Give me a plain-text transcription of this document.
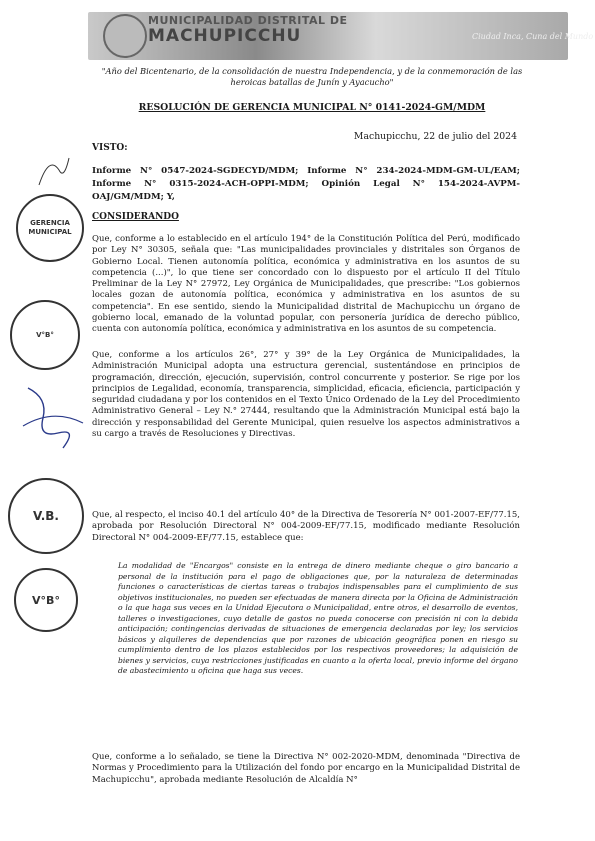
MUNICIPALIDAD DISTRITAL DE
MACHUPICCHU	Ciudad Inca, Cuna del Mundo
"Año del Bicentenario, de la consolidación de nuestra Independencia, y de la conmemoración de las heroicas batallas de Junín y Ayacucho"
RESOLUCIÓN DE GERENCIA MUNICIPAL N° 0141-2024-GM/MDM
Machupicchu, 22 de julio del 2024
VISTO:
Informe N° 0547-2024-SGDECYD/MDM; Informe N° 234-2024-MDM-GM-UL/EAM; Informe N° 0315-2024-ACH-OPPI-MDM; Opinión Legal N° 154-2024-AVPM-OAJ/GM/MDM; Y,
CONSIDERANDO
Que, conforme a lo establecido en el artículo 194° de la Constitución Política del Perú, modificado por Ley N° 30305, señala que: "Las municipalidades provinciales y distritales son Órganos de Gobierno Local. Tienen autonomía política, económica y administrativa en los asuntos de su competencia (...)", lo que tiene ser concordado con lo dispuesto por el artículo II del Título Preliminar de la Ley N° 27972, Ley Orgánica de Municipalidades, que prescribe: "Los gobiernos locales gozan de autonomía política, económica y administrativa en los asuntos de su competencia". En ese sentido, siendo la Municipalidad distrital de Machupicchu un órgano de gobierno local, emanado de la voluntad popular, con personería jurídica de derecho público, cuenta con autonomía política, económica y administrativa en los asuntos de su competencia.
Que, conforme a los artículos 26°, 27° y 39° de la Ley Orgánica de Municipalidades, la Administración Municipal adopta una estructura gerencial, sustentándose en principios de programación, dirección, ejecución, supervisión, control concurrente y posterior. Se rige por los principios de Legalidad, economía, transparencia, simplicidad, eficacia, eficiencia, participación y seguridad ciudadana y por los contenidos en el Texto Único Ordenado de la Ley del Procedimiento Administrativo General – Ley N.° 27444, resultando que la Administración Municipal está bajo la dirección y responsabilidad del Gerente Municipal, quien resuelve los aspectos administrativos a su cargo a través de Resoluciones y Directivas.
Que, al respecto, el inciso 40.1 del artículo 40° de la Directiva de Tesorería N° 001-2007-EF/77.15, aprobada por Resolución Directoral N° 004-2009-EF/77.15, modificado mediante Resolución Directoral N° 004-2009-EF/77.15, establece que:
La modalidad de "Encargos" consiste en la entrega de dinero mediante cheque o giro bancario a personal de la institución para el pago de obligaciones que, por la naturaleza de determinadas funciones o características de ciertas tareas o trabajos indispensables para el cumplimiento de sus objetivos institucionales, no pueden ser efectuadas de manera directa por la Oficina de Administración o la que haga sus veces en la Unidad Ejecutora o Municipalidad, entre otros, el desarrollo de eventos, talleres o investigaciones, cuyo detalle de gastos no pueda conocerse con precisión ni con la debida anticipación; contingencias derivadas de situaciones de emergencia declaradas por ley; los servicios básicos y alquileres de dependencias que por razones de ubicación geográfica ponen en riesgo su cumplimiento dentro de los plazos establecidos por los respectivos proveedores; la adquisición de bienes y servicios, cuya restricciones justificadas en cuanto a la oferta local, previo informe del órgano de abastecimiento u oficina que haga sus veces.
Que, conforme a lo señalado, se tiene la Directiva N° 002-2020-MDM, denominada "Directiva de Normas y Procedimiento para la Utilización del fondo por encargo en la Municipalidad Distrital de Machupicchu", aprobada mediante Resolución de Alcaldía N°
GERENCIA MUNICIPAL
V°B°
V.B.
V°B°
